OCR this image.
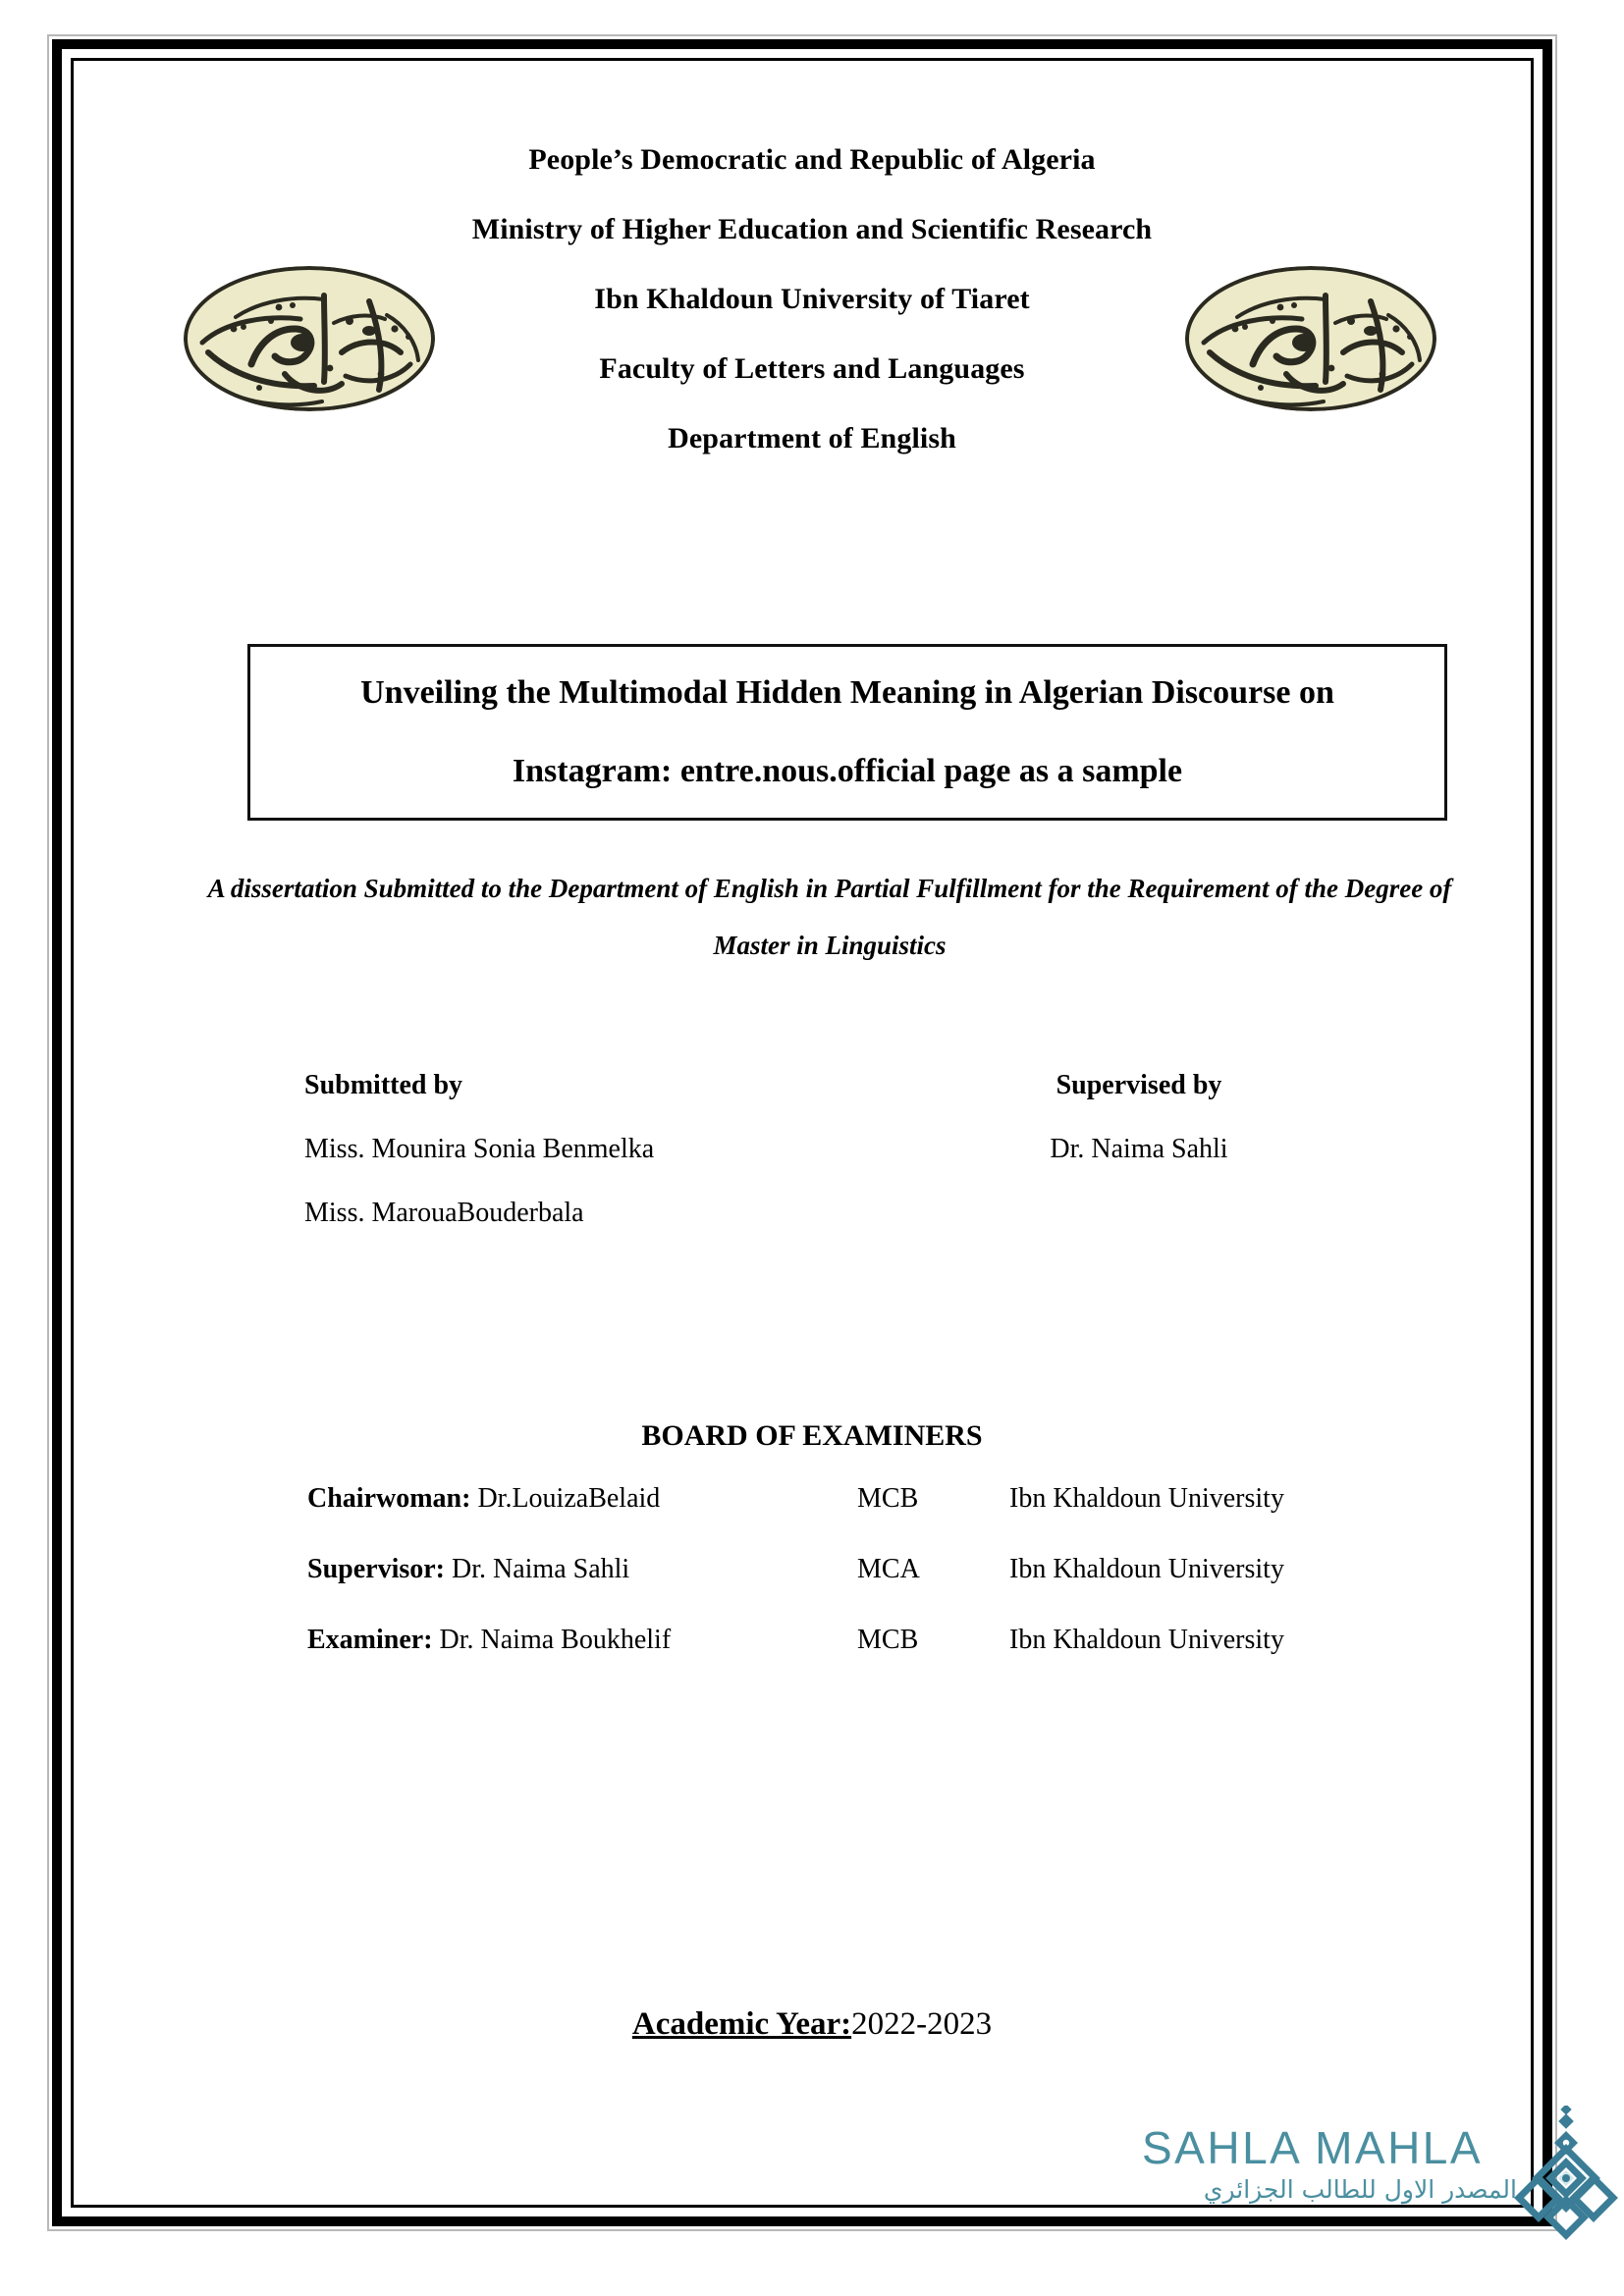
People’s Democratic and Republic of Algeria
Ministry of Higher Education and Scientific Research
Ibn Khaldoun University of Tiaret
Faculty of Letters and Languages
Department of English
Unveiling the Multimodal Hidden Meaning in Algerian Discourse on
Instagram: entre.nous.official page as a sample
A dissertation Submitted to the Department of English in Partial Fulfillment for the Requirement of the Degree of Master in Linguistics
Submitted by	Supervised by
Miss. Mounira Sonia Benmelka	Dr. Naima Sahli
Miss. MarouaBouderbala
BOARD OF EXAMINERS
Chairwoman: Dr.LouizaBelaid	MCB	Ibn Khaldoun University
Supervisor: Dr. Naima Sahli	MCA	Ibn Khaldoun University
Examiner: Dr. Naima Boukhelif	MCB	Ibn Khaldoun University
Academic Year:2022-2023
SAHLA MAHLA
المصدر الاول للطالب الجزائري
